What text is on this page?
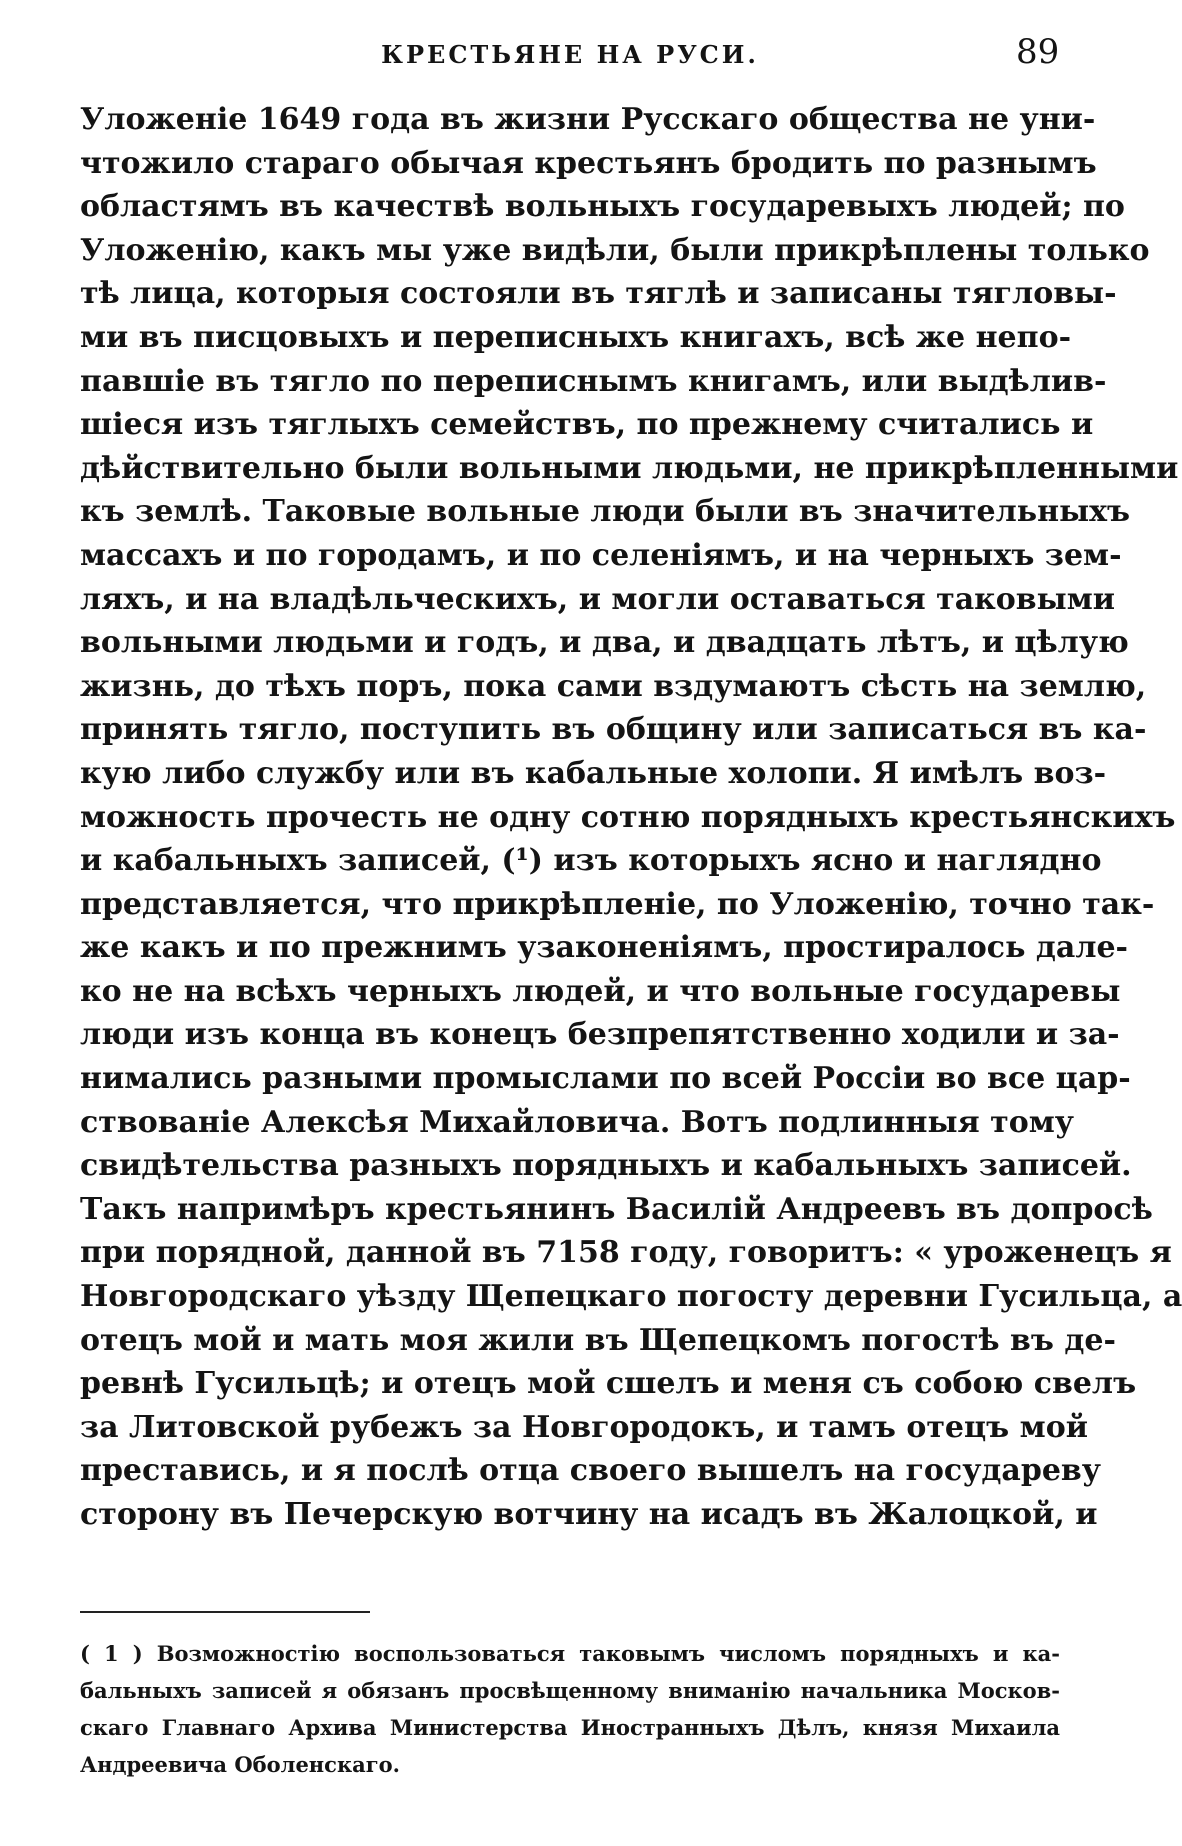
КРЕСТЬЯНЕ НА РУСИ.	89
Уложеніе 1649 года въ жизни Русскаго общества не уни-
чтожило стараго обычая крестьянъ бродить по разнымъ
областямъ въ качествѣ вольныхъ государевыхъ людей; по
Уложенію, какъ мы уже видѣли, были прикрѣплены только
тѣ лица, которыя состояли въ тяглѣ и записаны тягловы-
ми въ писцовыхъ и переписныхъ книгахъ, всѣ же непо-
павшіе въ тягло по переписнымъ книгамъ, или выдѣлив-
шіеся изъ тяглыхъ семействъ, по прежнему считались и
дѣйствительно были вольными людьми, не прикрѣпленными
къ землѣ. Таковые вольные люди были въ значительныхъ
массахъ и по городамъ, и по селеніямъ, и на черныхъ зем-
ляхъ, и на владѣльческихъ, и могли оставаться таковыми
вольными людьми и годъ, и два, и двадцать лѣтъ, и цѣлую
жизнь, до тѣхъ поръ, пока сами вздумаютъ сѣсть на землю,
принять тягло, поступить въ общину или записаться въ ка-
кую либо службу или въ кабальные холопи. Я имѣлъ воз-
можность прочесть не одну сотню порядныхъ крестьянскихъ
и кабальныхъ записей, (¹) изъ которыхъ ясно и наглядно
представляется, что прикрѣпленіе, по Уложенію, точно так-
же какъ и по прежнимъ узаконеніямъ, простиралось дале-
ко не на всѣхъ черныхъ людей, и что вольные государевы
люди изъ конца въ конецъ безпрепятственно ходили и за-
нимались разными промыслами по всей Россіи во все цар-
ствованіе Алексѣя Михайловича. Вотъ подлинныя тому
свидѣтельства разныхъ порядныхъ и кабальныхъ записей.
Такъ напримѣръ крестьянинъ Василій Андреевъ въ допросѣ
при порядной, данной въ 7158 году, говоритъ: « уроженецъ я
Новгородскаго уѣзду Щепецкаго погосту деревни Гусильца, а
отецъ мой и мать моя жили въ Щепецкомъ погостѣ въ де-
ревнѣ Гусильцѣ; и отецъ мой сшелъ и меня съ собою свелъ
за Литовской рубежъ за Новгородокъ, и тамъ отецъ мой
преставись, и я послѣ отца своего вышелъ на государеву
сторону въ Печерскую вотчину на исадъ въ Жалоцкой, и
( 1 ) Возможностію воспользоваться таковымъ числомъ порядныхъ и ка-
бальныхъ записей я обязанъ просвѣщенному вниманію начальника Москов-
скаго Главнаго Архива Министерства Иностранныхъ Дѣлъ, князя Михаила
Андреевича Оболенскаго.
